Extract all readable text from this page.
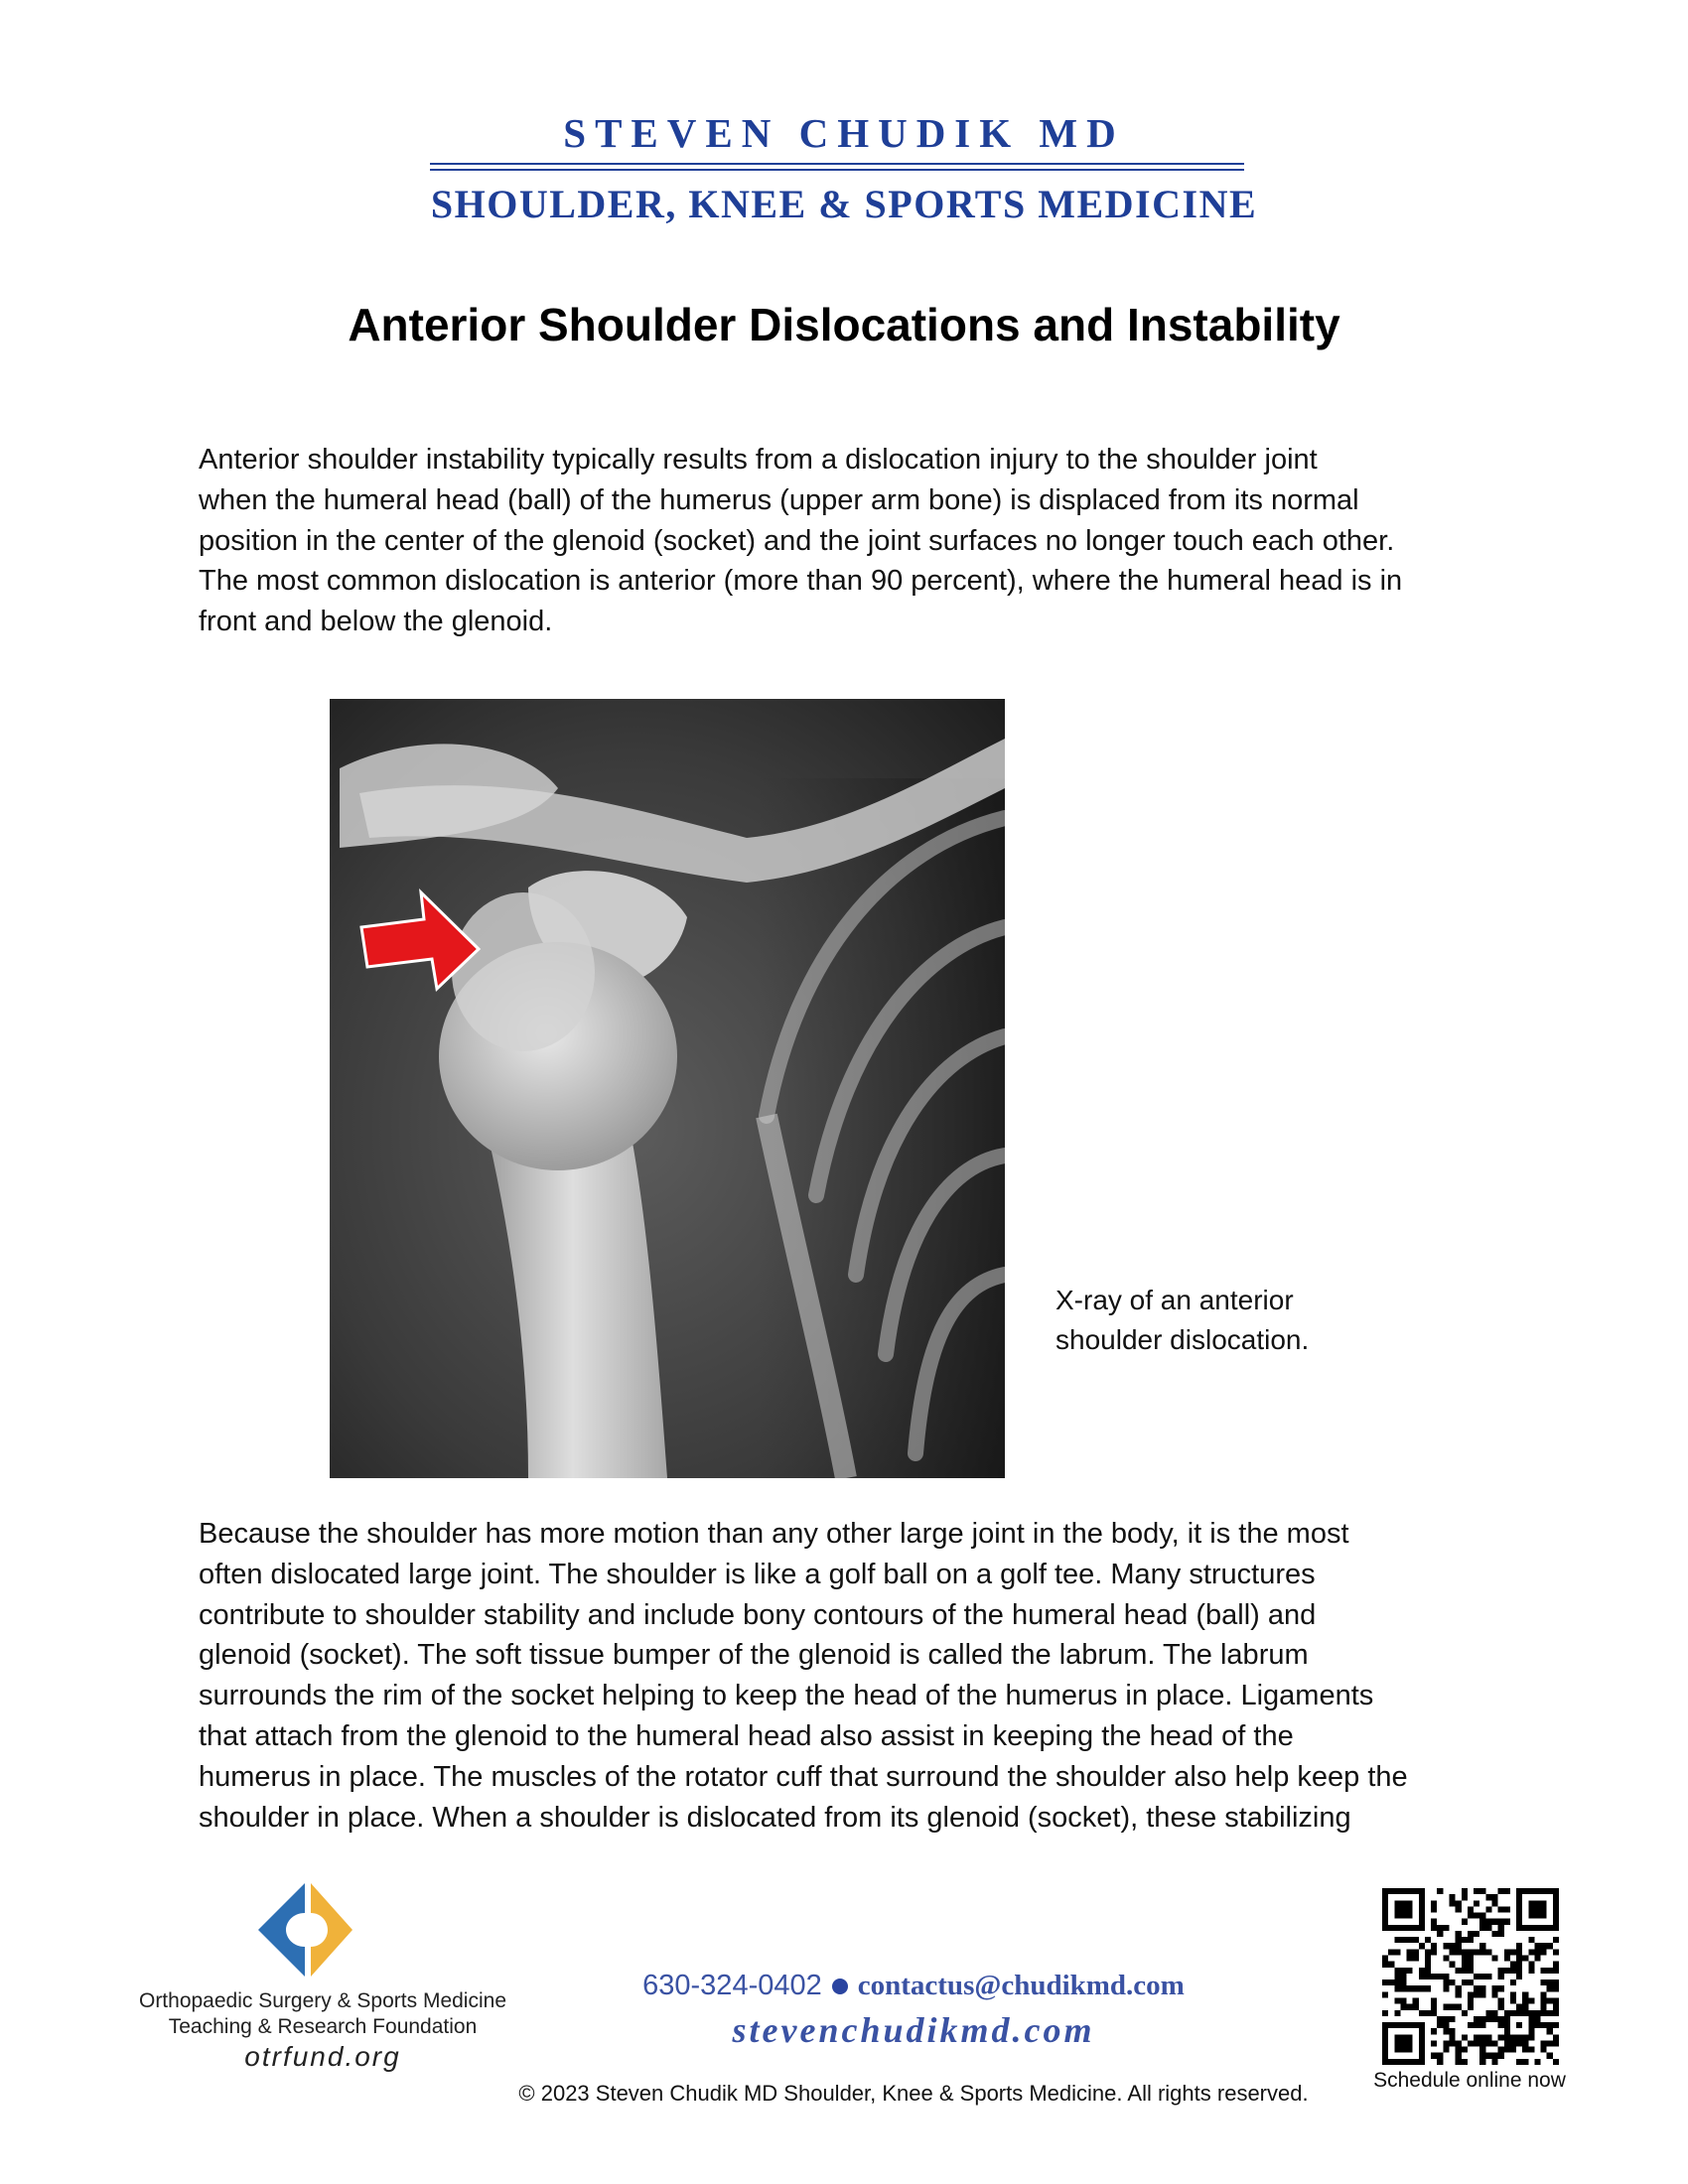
STEVEN CHUDIK MD
SHOULDER, KNEE & SPORTS MEDICINE
Anterior Shoulder Dislocations and Instability
Anterior shoulder instability typically results from a dislocation injury to the shoulder joint
when the humeral head (ball) of the humerus (upper arm bone) is displaced from its normal
position in the center of the glenoid (socket) and the joint surfaces no longer touch each other.
The most common dislocation is anterior (more than 90 percent), where the humeral head is in
front and below the glenoid.
X-ray of an anterior
shoulder dislocation.
Because the shoulder has more motion than any other large joint in the body, it is the most
often dislocated large joint. The shoulder is like a golf ball on a golf tee. Many structures
contribute to shoulder stability and include bony contours of the humeral head (ball) and
glenoid (socket). The soft tissue bumper of the glenoid is called the labrum. The labrum
surrounds the rim of the socket helping to keep the head of the humerus in place. Ligaments
that attach from the glenoid to the humeral head also assist in keeping the head of the
humerus in place. The muscles of the rotator cuff that surround the shoulder also help keep the
shoulder in place. When a shoulder is dislocated from its glenoid (socket), these stabilizing
Orthopaedic Surgery & Sports Medicine
Teaching & Research Foundation
otrfund.org
630-324-0402 contactus@chudikmd.com
stevenchudikmd.com
© 2023 Steven Chudik MD Shoulder, Knee & Sports Medicine. All rights reserved.
Schedule online now
